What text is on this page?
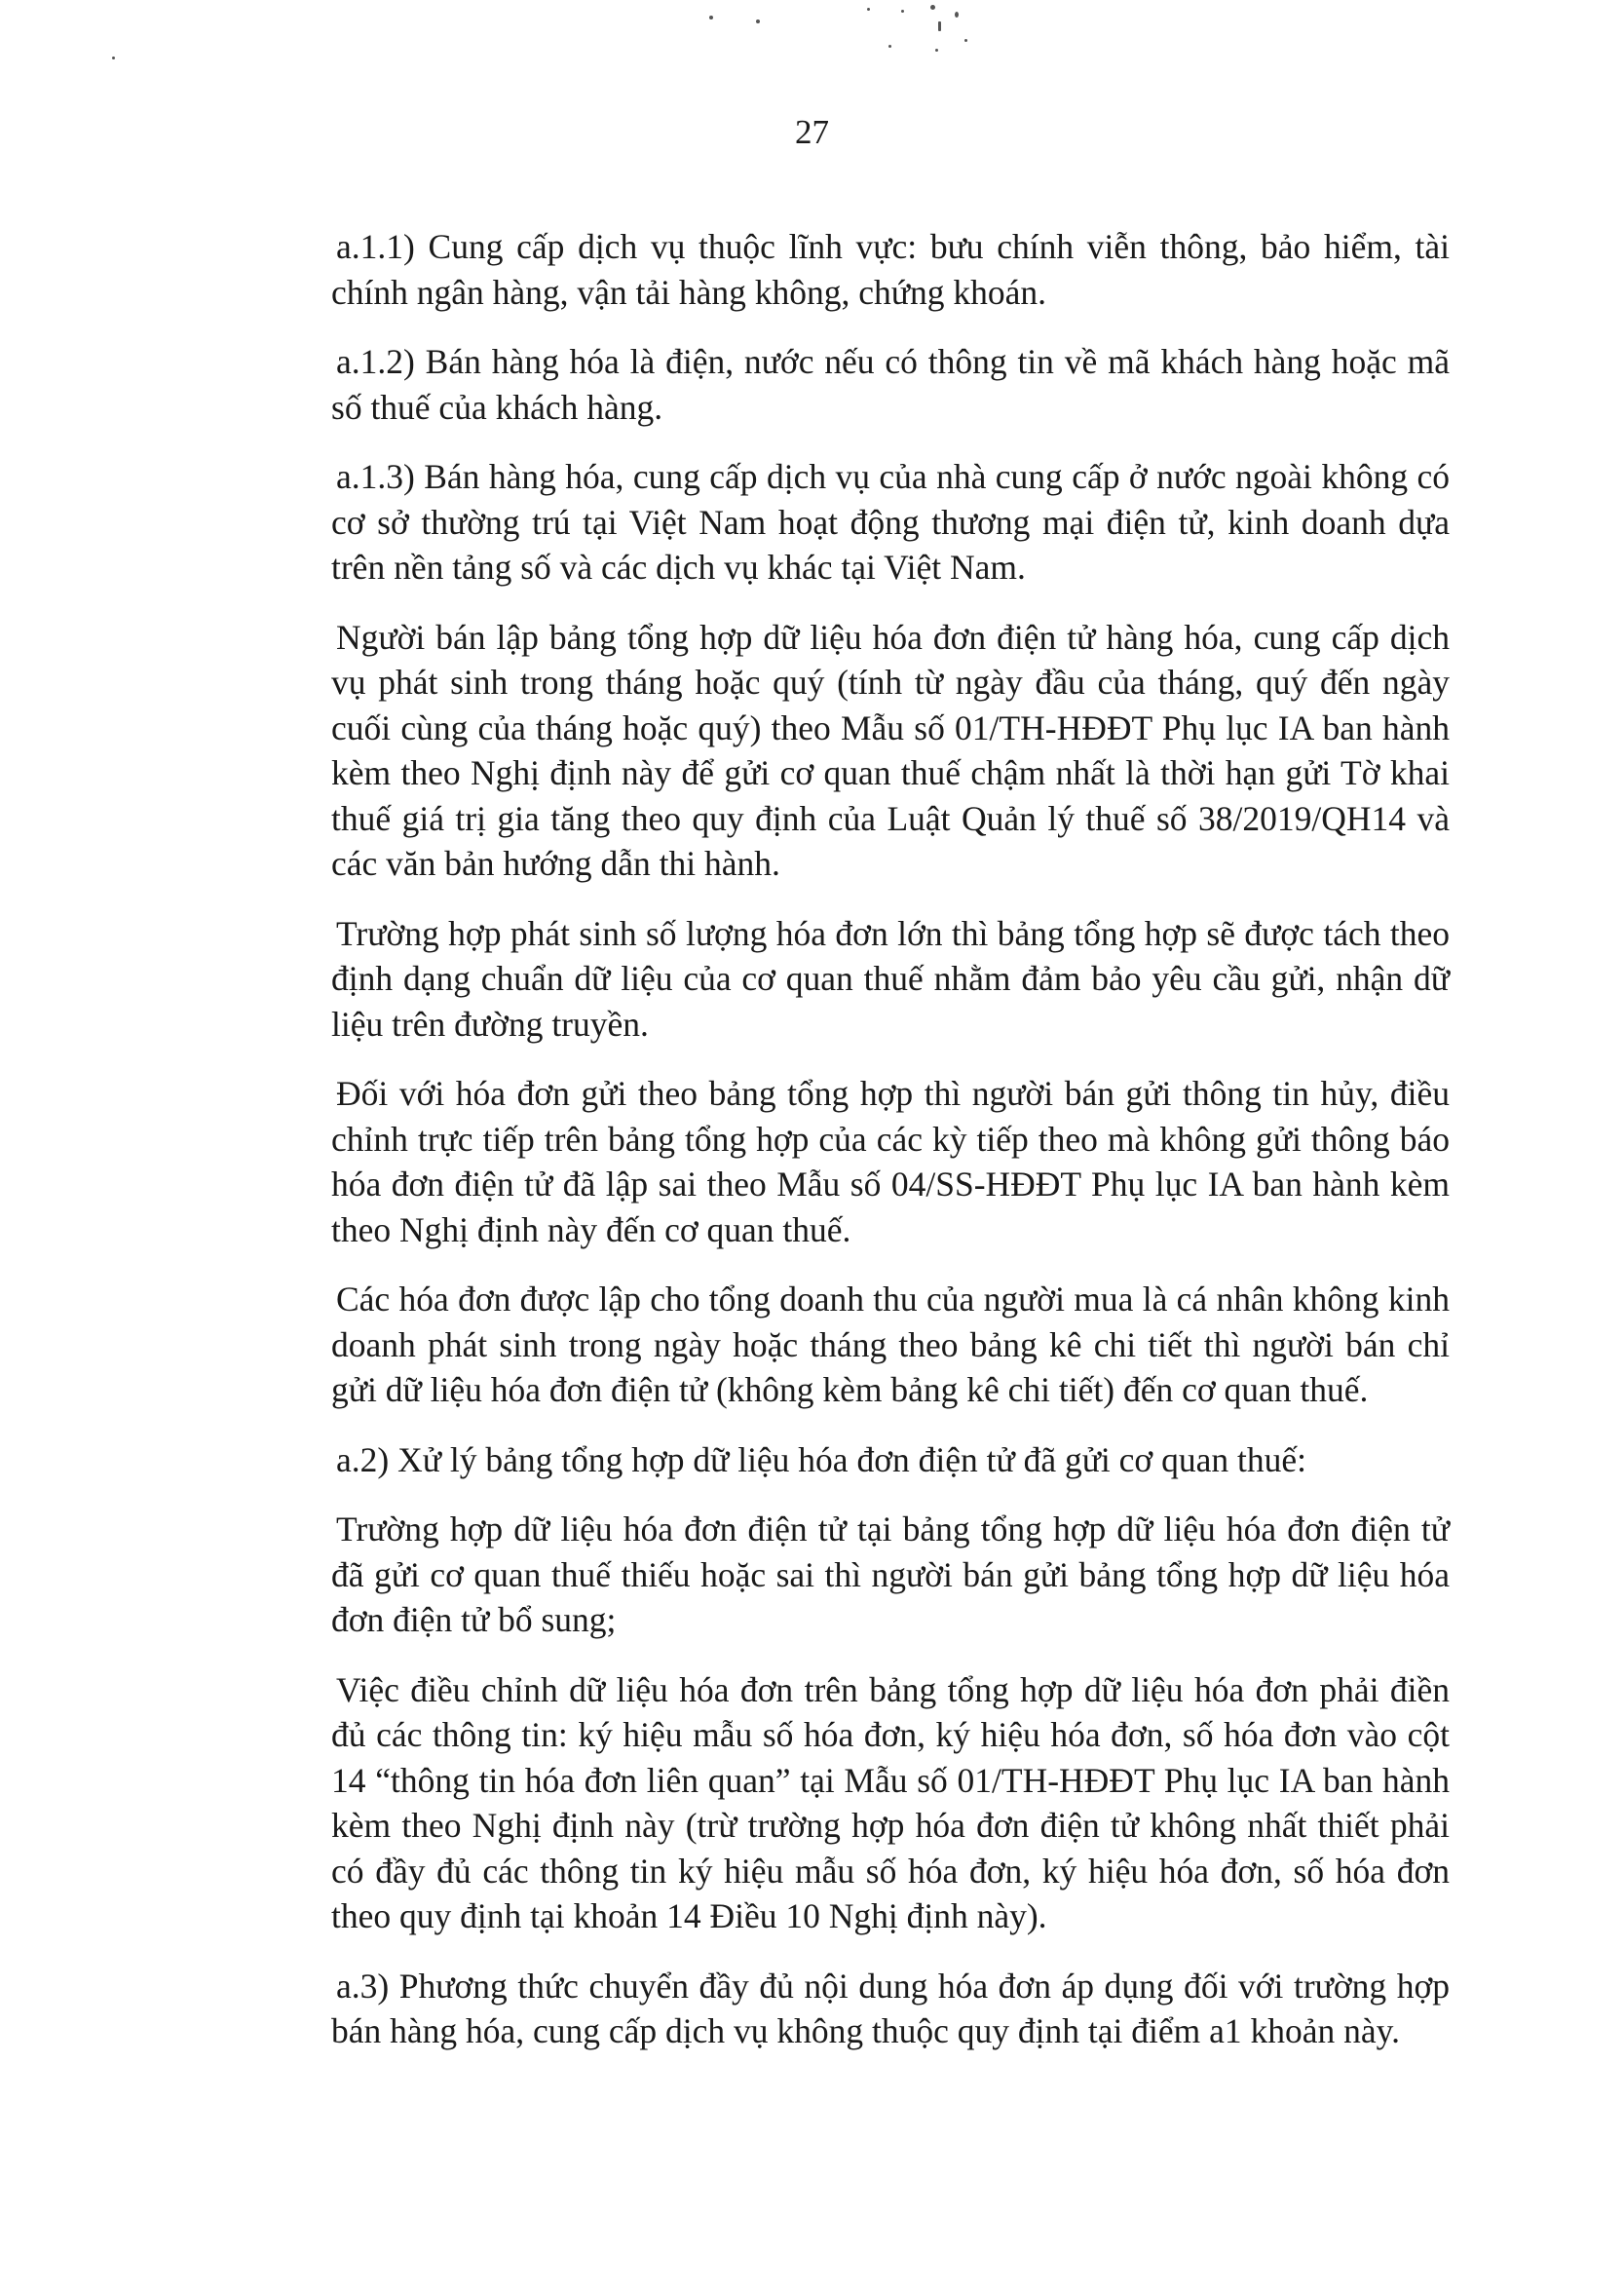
27

a.1.1) Cung cấp dịch vụ thuộc lĩnh vực: bưu chính viễn thông, bảo hiểm, tài chính ngân hàng, vận tải hàng không, chứng khoán.

a.1.2) Bán hàng hóa là điện, nước nếu có thông tin về mã khách hàng hoặc mã số thuế của khách hàng.

a.1.3) Bán hàng hóa, cung cấp dịch vụ của nhà cung cấp ở nước ngoài không có cơ sở thường trú tại Việt Nam hoạt động thương mại điện tử, kinh doanh dựa trên nền tảng số và các dịch vụ khác tại Việt Nam.

Người bán lập bảng tổng hợp dữ liệu hóa đơn điện tử hàng hóa, cung cấp dịch vụ phát sinh trong tháng hoặc quý (tính từ ngày đầu của tháng, quý đến ngày cuối cùng của tháng hoặc quý) theo Mẫu số 01/TH-HĐĐT Phụ lục IA ban hành kèm theo Nghị định này để gửi cơ quan thuế chậm nhất là thời hạn gửi Tờ khai thuế giá trị gia tăng theo quy định của Luật Quản lý thuế số 38/2019/QH14 và các văn bản hướng dẫn thi hành.

Trường hợp phát sinh số lượng hóa đơn lớn thì bảng tổng hợp sẽ được tách theo định dạng chuẩn dữ liệu của cơ quan thuế nhằm đảm bảo yêu cầu gửi, nhận dữ liệu trên đường truyền.

Đối với hóa đơn gửi theo bảng tổng hợp thì người bán gửi thông tin hủy, điều chỉnh trực tiếp trên bảng tổng hợp của các kỳ tiếp theo mà không gửi thông báo hóa đơn điện tử đã lập sai theo Mẫu số 04/SS-HĐĐT Phụ lục IA ban hành kèm theo Nghị định này đến cơ quan thuế.

Các hóa đơn được lập cho tổng doanh thu của người mua là cá nhân không kinh doanh phát sinh trong ngày hoặc tháng theo bảng kê chi tiết thì người bán chỉ gửi dữ liệu hóa đơn điện tử (không kèm bảng kê chi tiết) đến cơ quan thuế.

a.2) Xử lý bảng tổng hợp dữ liệu hóa đơn điện tử đã gửi cơ quan thuế:

Trường hợp dữ liệu hóa đơn điện tử tại bảng tổng hợp dữ liệu hóa đơn điện tử đã gửi cơ quan thuế thiếu hoặc sai thì người bán gửi bảng tổng hợp dữ liệu hóa đơn điện tử bổ sung;

Việc điều chỉnh dữ liệu hóa đơn trên bảng tổng hợp dữ liệu hóa đơn phải điền đủ các thông tin: ký hiệu mẫu số hóa đơn, ký hiệu hóa đơn, số hóa đơn vào cột 14 “thông tin hóa đơn liên quan” tại Mẫu số 01/TH-HĐĐT Phụ lục IA ban hành kèm theo Nghị định này (trừ trường hợp hóa đơn điện tử không nhất thiết phải có đầy đủ các thông tin ký hiệu mẫu số hóa đơn, ký hiệu hóa đơn, số hóa đơn theo quy định tại khoản 14 Điều 10 Nghị định này).

a.3) Phương thức chuyển đầy đủ nội dung hóa đơn áp dụng đối với trường hợp bán hàng hóa, cung cấp dịch vụ không thuộc quy định tại điểm a1 khoản này.
